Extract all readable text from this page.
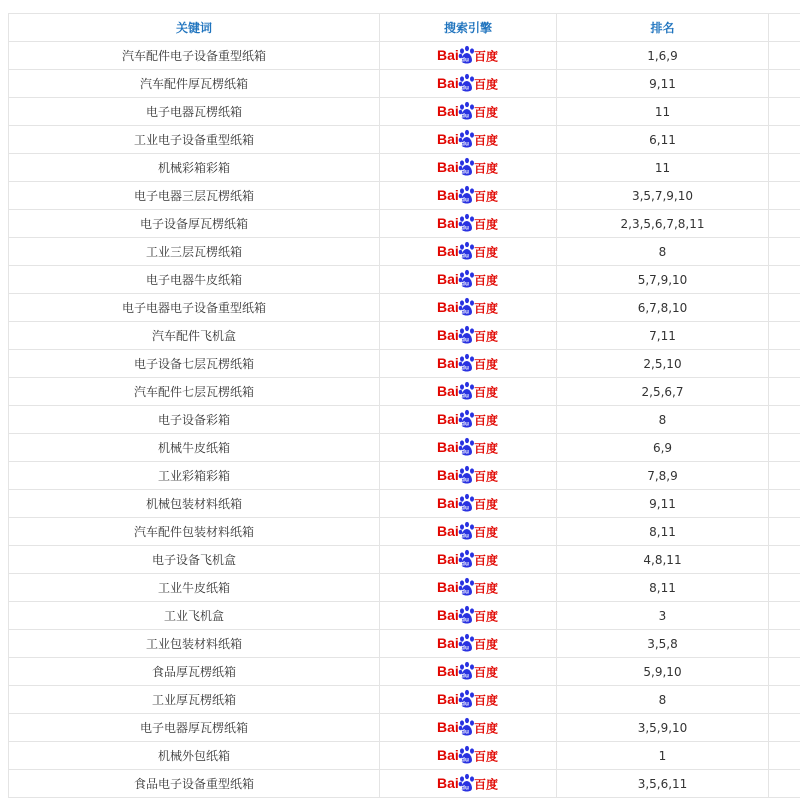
关键词	搜索引擎	排名	
汽车配件电子设备重型纸箱	Bai du 百度	1,6,9	
汽车配件厚瓦楞纸箱	Bai du 百度	9,11	
电子电器瓦楞纸箱	Bai du 百度	11	
工业电子设备重型纸箱	Bai du 百度	6,11	
机械彩箱彩箱	Bai du 百度	11	
电子电器三层瓦楞纸箱	Bai du 百度	3,5,7,9,10	
电子设备厚瓦楞纸箱	Bai du 百度	2,3,5,6,7,8,11	
工业三层瓦楞纸箱	Bai du 百度	8	
电子电器牛皮纸箱	Bai du 百度	5,7,9,10	
电子电器电子设备重型纸箱	Bai du 百度	6,7,8,10	
汽车配件飞机盒	Bai du 百度	7,11	
电子设备七层瓦楞纸箱	Bai du 百度	2,5,10	
汽车配件七层瓦楞纸箱	Bai du 百度	2,5,6,7	
电子设备彩箱	Bai du 百度	8	
机械牛皮纸箱	Bai du 百度	6,9	
工业彩箱彩箱	Bai du 百度	7,8,9	
机械包装材料纸箱	Bai du 百度	9,11	
汽车配件包装材料纸箱	Bai du 百度	8,11	
电子设备飞机盒	Bai du 百度	4,8,11	
工业牛皮纸箱	Bai du 百度	8,11	
工业飞机盒	Bai du 百度	3	
工业包装材料纸箱	Bai du 百度	3,5,8	
食品厚瓦楞纸箱	Bai du 百度	5,9,10	
工业厚瓦楞纸箱	Bai du 百度	8	
电子电器厚瓦楞纸箱	Bai du 百度	3,5,9,10	
机械外包纸箱	Bai du 百度	1	
食品电子设备重型纸箱	Bai du 百度	3,5,6,11	
